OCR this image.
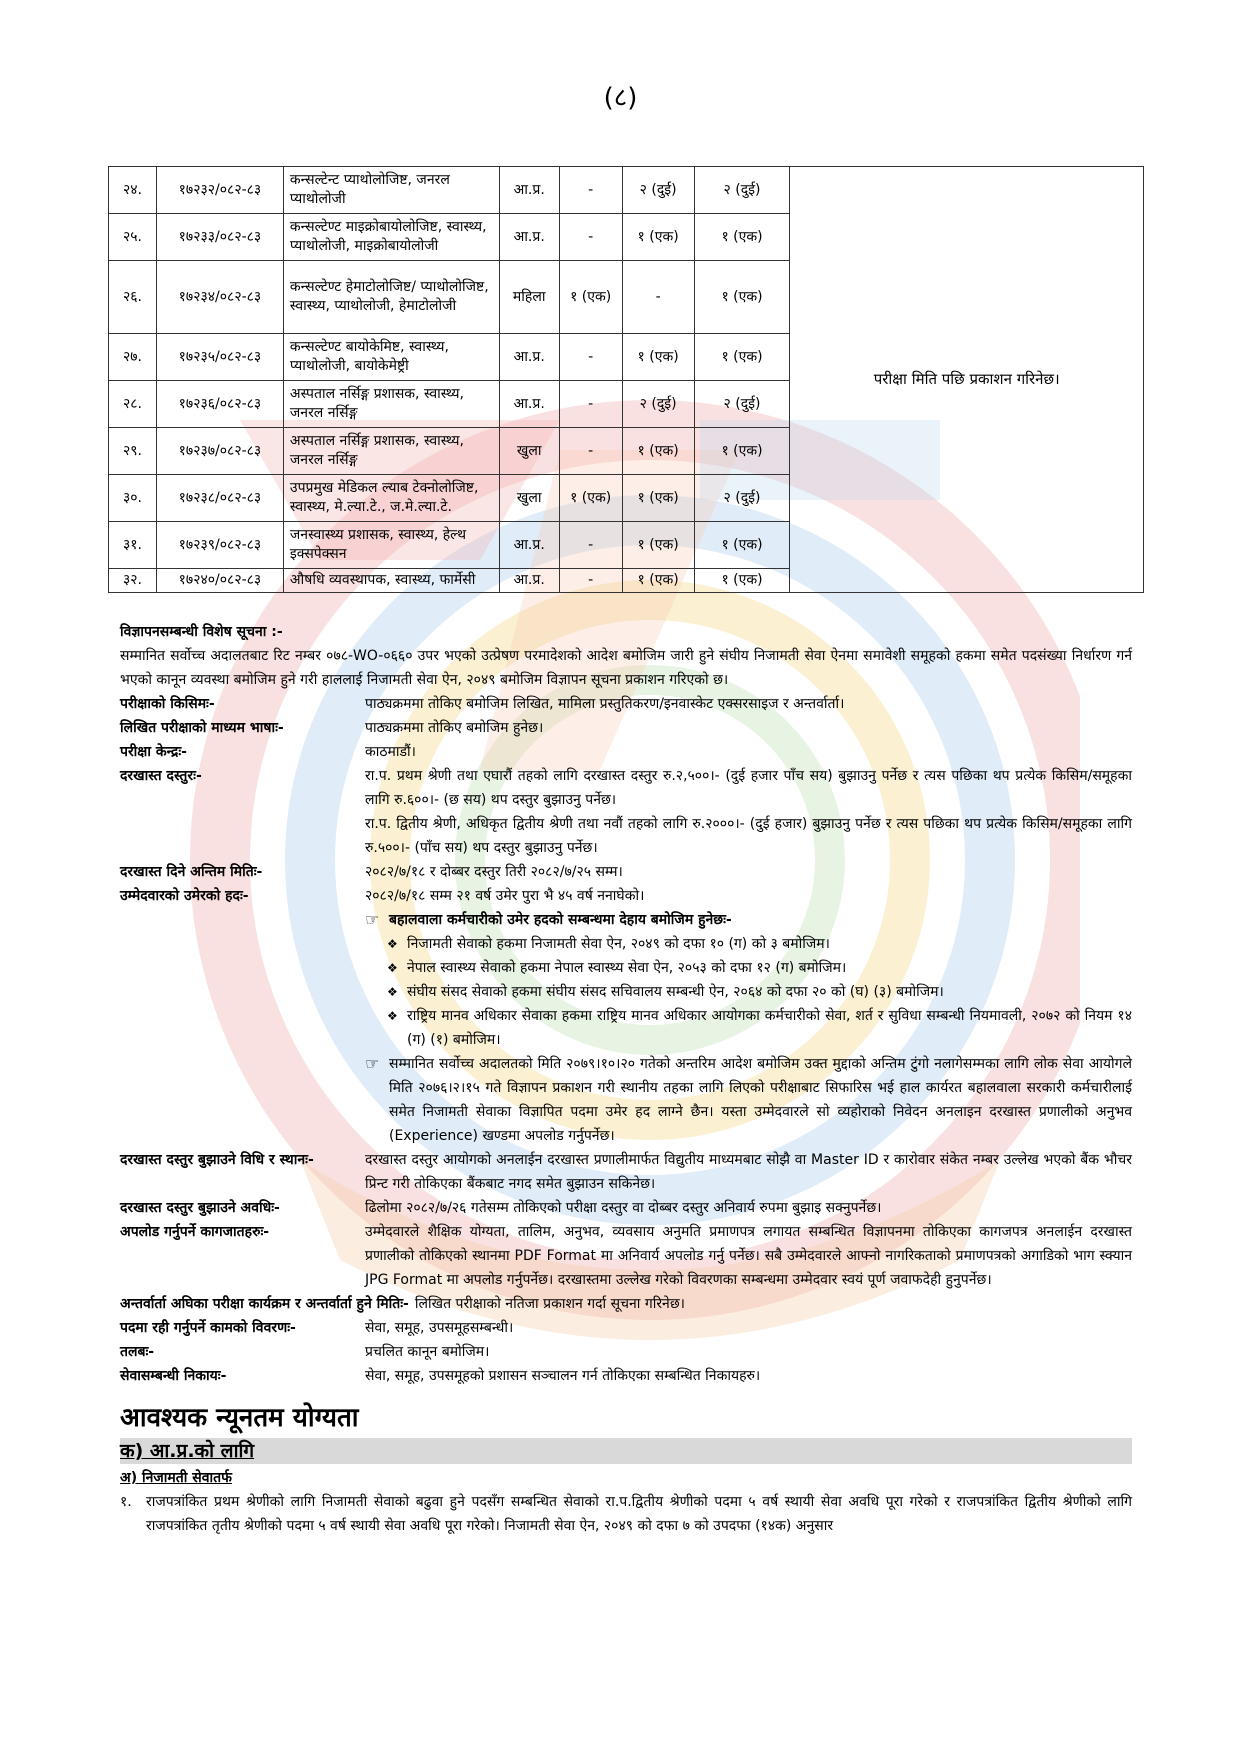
(८)
२४.	१७२३२/०८२-८३	कन्सल्टेन्ट प्याथोलोजिष्ट, जनरल प्याथोलोजी	आ.प्र.	-	२ (दुई)	२ (दुई)	परीक्षा मिति पछि प्रकाशन गरिनेछ।
२५.	१७२३३/०८२-८३	कन्सल्टेण्ट माइक्रोबायोलोजिष्ट, स्वास्थ्य, प्याथोलोजी, माइक्रोबायोलोजी	आ.प्र.	-	१ (एक)	१ (एक)	
२६.	१७२३४/०८२-८३	कन्सल्टेण्ट हेमाटोलोजिष्ट/ प्याथोलोजिष्ट, स्वास्थ्य, प्याथोलोजी, हेमाटोलोजी	महिला	१ (एक)	-	१ (एक)	
२७.	१७२३५/०८२-८३	कन्सल्टेण्ट बायोकेमिष्ट, स्वास्थ्य, प्याथोलोजी, बायोकेमेष्ट्री	आ.प्र.	-	१ (एक)	१ (एक)	
२८.	१७२३६/०८२-८३	अस्पताल नर्सिङ्ग प्रशासक, स्वास्थ्य, जनरल नर्सिङ्ग	आ.प्र.	-	२ (दुई)	२ (दुई)	
२९.	१७२३७/०८२-८३	अस्पताल नर्सिङ्ग प्रशासक, स्वास्थ्य, जनरल नर्सिङ्ग	खुला	-	१ (एक)	१ (एक)	
३०.	१७२३८/०८२-८३	उपप्रमुख मेडिकल ल्याब टेक्नोलोजिष्ट, स्वास्थ्य, मे.ल्या.टे., ज.मे.ल्या.टे.	खुला	१ (एक)	१ (एक)	२ (दुई)	
३१.	१७२३९/०८२-८३	जनस्वास्थ्य प्रशासक, स्वास्थ्य, हेल्थ इक्सपेक्सन	आ.प्र.	-	१ (एक)	१ (एक)	
३२.	१७२४०/०८२-८३	औषधि व्यवस्थापक, स्वास्थ्य, फार्मेसी	आ.प्र.	-	१ (एक)	१ (एक)	
विज्ञापनसम्बन्धी विशेष सूचना :-
सम्मानित सर्वोच्च अदालतबाट रिट नम्बर ०७८-WO-०६६० उपर भएको उत्प्रेषण परमादेशको आदेश बमोजिम जारी हुने संघीय निजामती सेवा ऐनमा समावेशी समूहको हकमा समेत पदसंख्या निर्धारण गर्न भएको कानून व्यवस्था बमोजिम हुने गरी हाललाई निजामती सेवा ऐन, २०४९ बमोजिम विज्ञापन सूचना प्रकाशन गरिएको छ।
परीक्षाको किसिमः-	पाठ्यक्रममा तोकिए बमोजिम लिखित, मामिला प्रस्तुतिकरण/इनवास्केट एक्सरसाइज र अन्तर्वार्ता।
लिखित परीक्षाको माध्यम भाषाः-	पाठ्यक्रममा तोकिए बमोजिम हुनेछ।
परीक्षा केन्द्रः-	काठमाडौं।
दरखास्त दस्तुरः-	रा.प. प्रथम श्रेणी तथा एघारौं तहको लागि दरखास्त दस्तुर रु.२,५००।- (दुई हजार पाँच सय) बुझाउनु पर्नेछ र त्यस पछिका थप प्रत्येक किसिम/समूहका लागि रु.६००।- (छ सय) थप दस्तुर बुझाउनु पर्नेछ।
रा.प. द्वितीय श्रेणी, अधिकृत द्वितीय श्रेणी तथा नवौं तहको लागि रु.२०००।- (दुई हजार) बुझाउनु पर्नेछ र त्यस पछिका थप प्रत्येक किसिम/समूहका लागि रु.५००।- (पाँच सय) थप दस्तुर बुझाउनु पर्नेछ।
दरखास्त दिने अन्तिम मितिः-	२०८२/७/१८ र दोब्बर दस्तुर तिरी २०८२/७/२५ सम्म।
उम्मेदवारको उमेरको हदः-	२०८२/७/१८ सम्म २१ वर्ष उमेर पुरा भै ४५ वर्ष ननाघेको।
☞ बहालवाला कर्मचारीको उमेर हदको सम्बन्धमा देहाय बमोजिम हुनेछः-
❖ निजामती सेवाको हकमा निजामती सेवा ऐन, २०४९ को दफा १० (ग) को ३ बमोजिम।
❖ नेपाल स्वास्थ्य सेवाको हकमा नेपाल स्वास्थ्य सेवा ऐन, २०५३ को दफा १२ (ग) बमोजिम।
❖ संघीय संसद सेवाको हकमा संघीय संसद सचिवालय सम्बन्धी ऐन, २०६४ को दफा २० को (घ) (३) बमोजिम।
❖ राष्ट्रिय मानव अधिकार सेवाका हकमा राष्ट्रिय मानव अधिकार आयोगका कर्मचारीको सेवा, शर्त र सुविधा सम्बन्धी नियमावली, २०७२ को नियम १४ (ग) (१) बमोजिम।
☞ सम्मानित सर्वोच्च अदालतको मिति २०७९।१०।२० गतेको अन्तरिम आदेश बमोजिम उक्त मुद्दाको अन्तिम टुंगो नलागेसम्मका लागि लोक सेवा आयोगले मिति २०७६।२।१५ गते विज्ञापन प्रकाशन गरी स्थानीय तहका लागि लिएको परीक्षाबाट सिफारिस भई हाल कार्यरत बहालवाला सरकारी कर्मचारीलाई समेत निजामती सेवाका विज्ञापित पदमा उमेर हद लाग्ने छैन। यस्ता उम्मेदवारले सो व्यहोराको निवेदन अनलाइन दरखास्त प्रणालीको अनुभव (Experience) खण्डमा अपलोड गर्नुपर्नेछ।
दरखास्त दस्तुर बुझाउने विधि र स्थानः-	दरखास्त दस्तुर आयोगको अनलाईन दरखास्त प्रणालीमार्फत विद्युतीय माध्यमबाट सोझै वा Master ID र कारोवार संकेत नम्बर उल्लेख भएको बैंक भौचर प्रिन्ट गरी तोकिएका बैंकबाट नगद समेत बुझाउन सकिनेछ।
दरखास्त दस्तुर बुझाउने अवधिः-	ढिलोमा २०८२/७/२६ गतेसम्म तोकिएको परीक्षा दस्तुर वा दोब्बर दस्तुर अनिवार्य रुपमा बुझाइ सक्नुपर्नेछ।
अपलोड गर्नुपर्ने कागजातहरुः-	उम्मेदवारले शैक्षिक योग्यता, तालिम, अनुभव, व्यवसाय अनुमति प्रमाणपत्र लगायत सम्बन्धित विज्ञापनमा तोकिएका कागजपत्र अनलाईन दरखास्त प्रणालीको तोकिएको स्थानमा PDF Format मा अनिवार्य अपलोड गर्नु पर्नेछ। सबै उम्मेदवारले आफ्नो नागरिकताको प्रमाणपत्रको अगाडिको भाग स्क्यान JPG Format मा अपलोड गर्नुपर्नेछ। दरखास्तमा उल्लेख गरेको विवरणका सम्बन्धमा उम्मेदवार स्वयं पूर्ण जवाफदेही हुनुपर्नेछ।
अन्तर्वार्ता अघिका परीक्षा कार्यक्रम र अन्तर्वार्ता हुने मितिः- लिखित परीक्षाको नतिजा प्रकाशन गर्दा सूचना गरिनेछ।
पदमा रही गर्नुपर्ने कामको विवरणः-	सेवा, समूह, उपसमूहसम्बन्धी।
तलबः-	प्रचलित कानून बमोजिम।
सेवासम्बन्धी निकायः-	सेवा, समूह, उपसमूहको प्रशासन सञ्चालन गर्न तोकिएका सम्बन्धित निकायहरु।
आवश्यक न्यूनतम योग्यता
क) आ.प्र.को लागि
अ) निजामती सेवातर्फ
१. राजपत्रांकित प्रथम श्रेणीको लागि निजामती सेवाको बढुवा हुने पदसँग सम्बन्धित सेवाको रा.प.द्वितीय श्रेणीको पदमा ५ वर्ष स्थायी सेवा अवधि पूरा गरेको र राजपत्रांकित द्वितीय श्रेणीको लागि राजपत्रांकित तृतीय श्रेणीको पदमा ५ वर्ष स्थायी सेवा अवधि पूरा गरेको। निजामती सेवा ऐन, २०४९ को दफा ७ को उपदफा (१४क) अनुसार
